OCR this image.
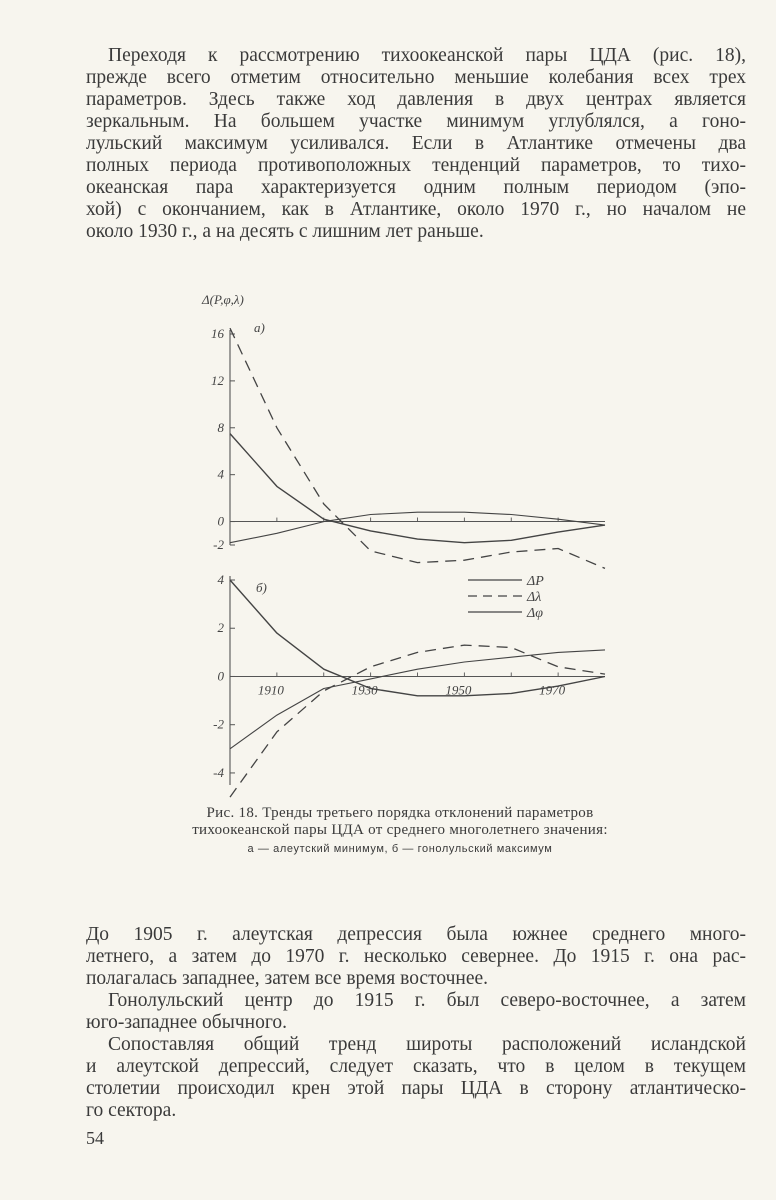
Переходя к рассмотрению тихоокеанской пары ЦДА (рис. 18),
прежде всего отметим относительно меньшие колебания всех трех
параметров. Здесь также ход давления в двух центрах является
зеркальным. На большем участке минимум углублялся, а гоно-
лульский максимум усиливался. Если в Атлантике отмечены два
полных периода противоположных тенденций параметров, то тихо-
океанская пара характеризуется одним полным периодом (эпо-
хой) с окончанием, как в Атлантике, около 1970 г., но началом не
около 1930 г., а на десять с лишним лет раньше.
Δ(P,φ,λ)
а)
б)
16
12
8
4
0
-2
4
2
0
-2
-4
1910	1930	1950	1970
ΔP
Δλ
Δφ
Рис. 18. Тренды третьего порядка отклонений параметров тихоокеанской пары ЦДА от среднего многолетнего значения:
а — алеутский минимум, б — гонолульский максимум
До 1905 г. алеутская депрессия была южнее среднего много-
летнего, а затем до 1970 г. несколько севернее. До 1915 г. она рас-
полагалась западнее, затем все время восточнее.
Гонолульский центр до 1915 г. был северо-восточнее, а затем
юго-западнее обычного.
Сопоставляя общий тренд широты расположений исландской
и алеутской депрессий, следует сказать, что в целом в текущем
столетии происходил крен этой пары ЦДА в сторону атлантическо-
го сектора.
54
